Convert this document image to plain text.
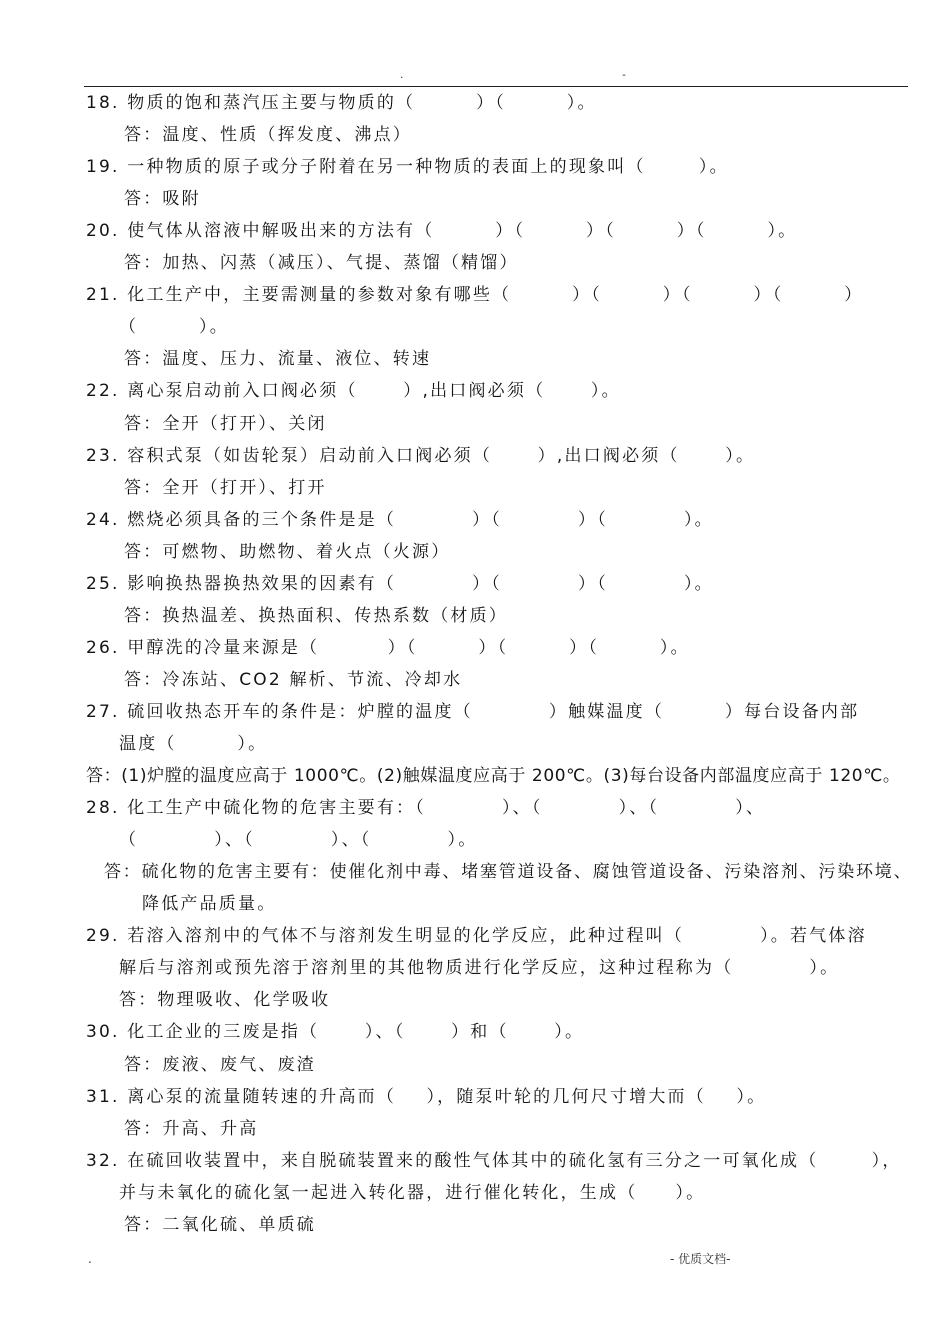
.	-
18. 物质的饱和蒸汽压主要与物质的（        ）（        ）。
答：温度、性质（挥发度、沸点）
19. 一种物质的原子或分子附着在另一种物质的表面上的现象叫（       ）。
答：吸附
20. 使气体从溶液中解吸出来的方法有（        ）（        ）（        ）（        ）。
答：加热、闪蒸（减压）、气提、蒸馏（精馏）
21. 化工生产中，主要需测量的参数对象有哪些（        ）（        ）（        ）（        ）
（        ）。
答：温度、压力、流量、液位、转速
22. 离心泵启动前入口阀必须（      ）,出口阀必须（      ）。
答：全开（打开）、关闭
23. 容积式泵（如齿轮泵）启动前入口阀必须（      ）,出口阀必须（      ）。
答：全开（打开）、打开
24. 燃烧必须具备的三个条件是是（          ）（          ）（          ）。
答：可燃物、助燃物、着火点（火源）
25. 影响换热器换热效果的因素有（          ）（          ）（          ）。
答：换热温差、换热面积、传热系数（材质）
26. 甲醇洗的冷量来源是（         ）（        ）（        ）（        ）。
答：冷冻站、CO2 解析、节流、冷却水
27. 硫回收热态开车的条件是：炉膛的温度（          ）触媒温度（        ）每台设备内部
温度（        ）。
答：(1)炉膛的温度应高于 1000℃。(2)触媒温度应高于 200℃。(3)每台设备内部温度应高于 120℃。
28. 化工生产中硫化物的危害主要有：（          ）、（          ）、（          ）、
（          ）、（          ）、（          ）。
答：硫化物的危害主要有：使催化剂中毒、堵塞管道设备、腐蚀管道设备、污染溶剂、污染环境、
降低产品质量。
29. 若溶入溶剂中的气体不与溶剂发生明显的化学反应，此种过程叫（          ）。若气体溶
解后与溶剂或预先溶于溶剂里的其他物质进行化学反应，这种过程称为（          ）。
答：物理吸收、化学吸收
30. 化工企业的三废是指（      ）、（      ）和（      ）。
答：废液、废气、废渣
31. 离心泵的流量随转速的升高而（    ），随泵叶轮的几何尺寸增大而（    ）。
答：升高、升高
32. 在硫回收装置中，来自脱硫装置来的酸性气体其中的硫化氢有三分之一可氧化成（       ），
并与未氧化的硫化氢一起进入转化器，进行催化转化，生成（     ）。
答：二氧化硫、单质硫
.	- 优质文档-
